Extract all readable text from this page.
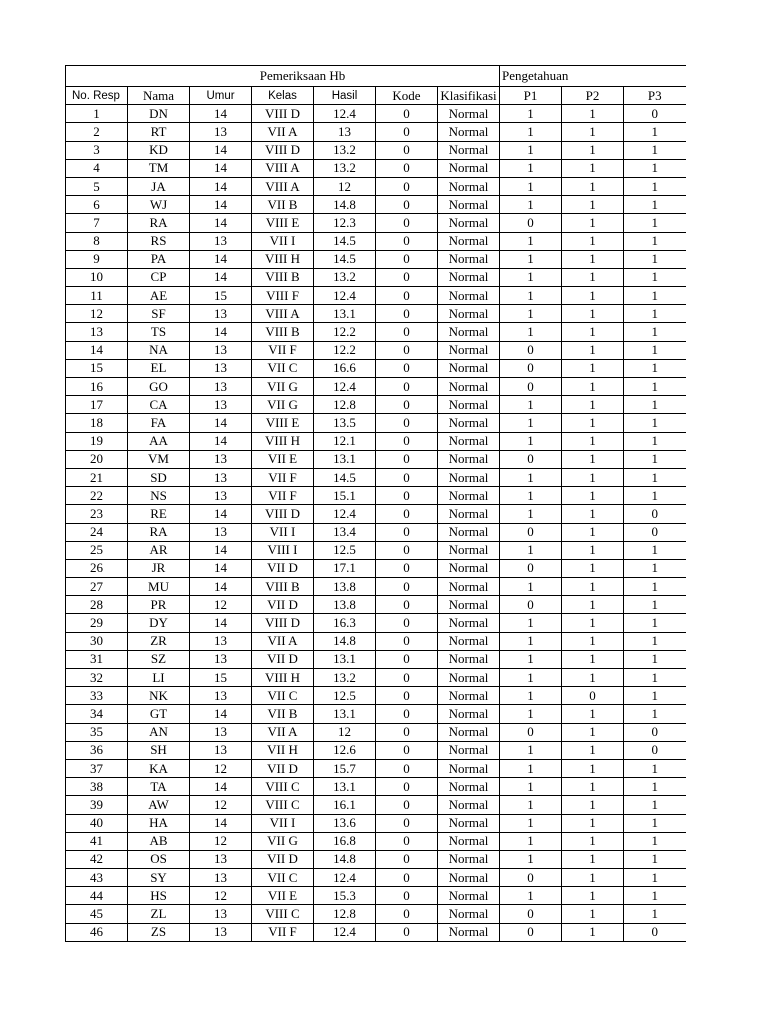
Pemeriksaan Hb							Pengetahuan		
No. Resp	Nama	Umur	Kelas	Hasil	Kode	Klasifikasi	P1	P2	P3
1	DN	14	VIII D	12.4	0	Normal	1	1	0
2	RT	13	VII A	13	0	Normal	1	1	1
3	KD	14	VIII D	13.2	0	Normal	1	1	1
4	TM	14	VIII A	13.2	0	Normal	1	1	1
5	JA	14	VIII A	12	0	Normal	1	1	1
6	WJ	14	VII B	14.8	0	Normal	1	1	1
7	RA	14	VIII E	12.3	0	Normal	0	1	1
8	RS	13	VII I	14.5	0	Normal	1	1	1
9	PA	14	VIII H	14.5	0	Normal	1	1	1
10	CP	14	VIII B	13.2	0	Normal	1	1	1
11	AE	15	VIII F	12.4	0	Normal	1	1	1
12	SF	13	VIII A	13.1	0	Normal	1	1	1
13	TS	14	VIII B	12.2	0	Normal	1	1	1
14	NA	13	VII F	12.2	0	Normal	0	1	1
15	EL	13	VII C	16.6	0	Normal	0	1	1
16	GO	13	VII G	12.4	0	Normal	0	1	1
17	CA	13	VII G	12.8	0	Normal	1	1	1
18	FA	14	VIII E	13.5	0	Normal	1	1	1
19	AA	14	VIII H	12.1	0	Normal	1	1	1
20	VM	13	VII E	13.1	0	Normal	0	1	1
21	SD	13	VII F	14.5	0	Normal	1	1	1
22	NS	13	VII F	15.1	0	Normal	1	1	1
23	RE	14	VIII D	12.4	0	Normal	1	1	0
24	RA	13	VII I	13.4	0	Normal	0	1	0
25	AR	14	VIII I	12.5	0	Normal	1	1	1
26	JR	14	VII D	17.1	0	Normal	0	1	1
27	MU	14	VIII B	13.8	0	Normal	1	1	1
28	PR	12	VII D	13.8	0	Normal	0	1	1
29	DY	14	VIII D	16.3	0	Normal	1	1	1
30	ZR	13	VII A	14.8	0	Normal	1	1	1
31	SZ	13	VII D	13.1	0	Normal	1	1	1
32	LI	15	VIII H	13.2	0	Normal	1	1	1
33	NK	13	VII C	12.5	0	Normal	1	0	1
34	GT	14	VII B	13.1	0	Normal	1	1	1
35	AN	13	VII A	12	0	Normal	0	1	0
36	SH	13	VII H	12.6	0	Normal	1	1	0
37	KA	12	VII D	15.7	0	Normal	1	1	1
38	TA	14	VIII C	13.1	0	Normal	1	1	1
39	AW	12	VIII C	16.1	0	Normal	1	1	1
40	HA	14	VII I	13.6	0	Normal	1	1	1
41	AB	12	VII G	16.8	0	Normal	1	1	1
42	OS	13	VII D	14.8	0	Normal	1	1	1
43	SY	13	VII C	12.4	0	Normal	0	1	1
44	HS	12	VII E	15.3	0	Normal	1	1	1
45	ZL	13	VIII C	12.8	0	Normal	0	1	1
46	ZS	13	VII F	12.4	0	Normal	0	1	0
